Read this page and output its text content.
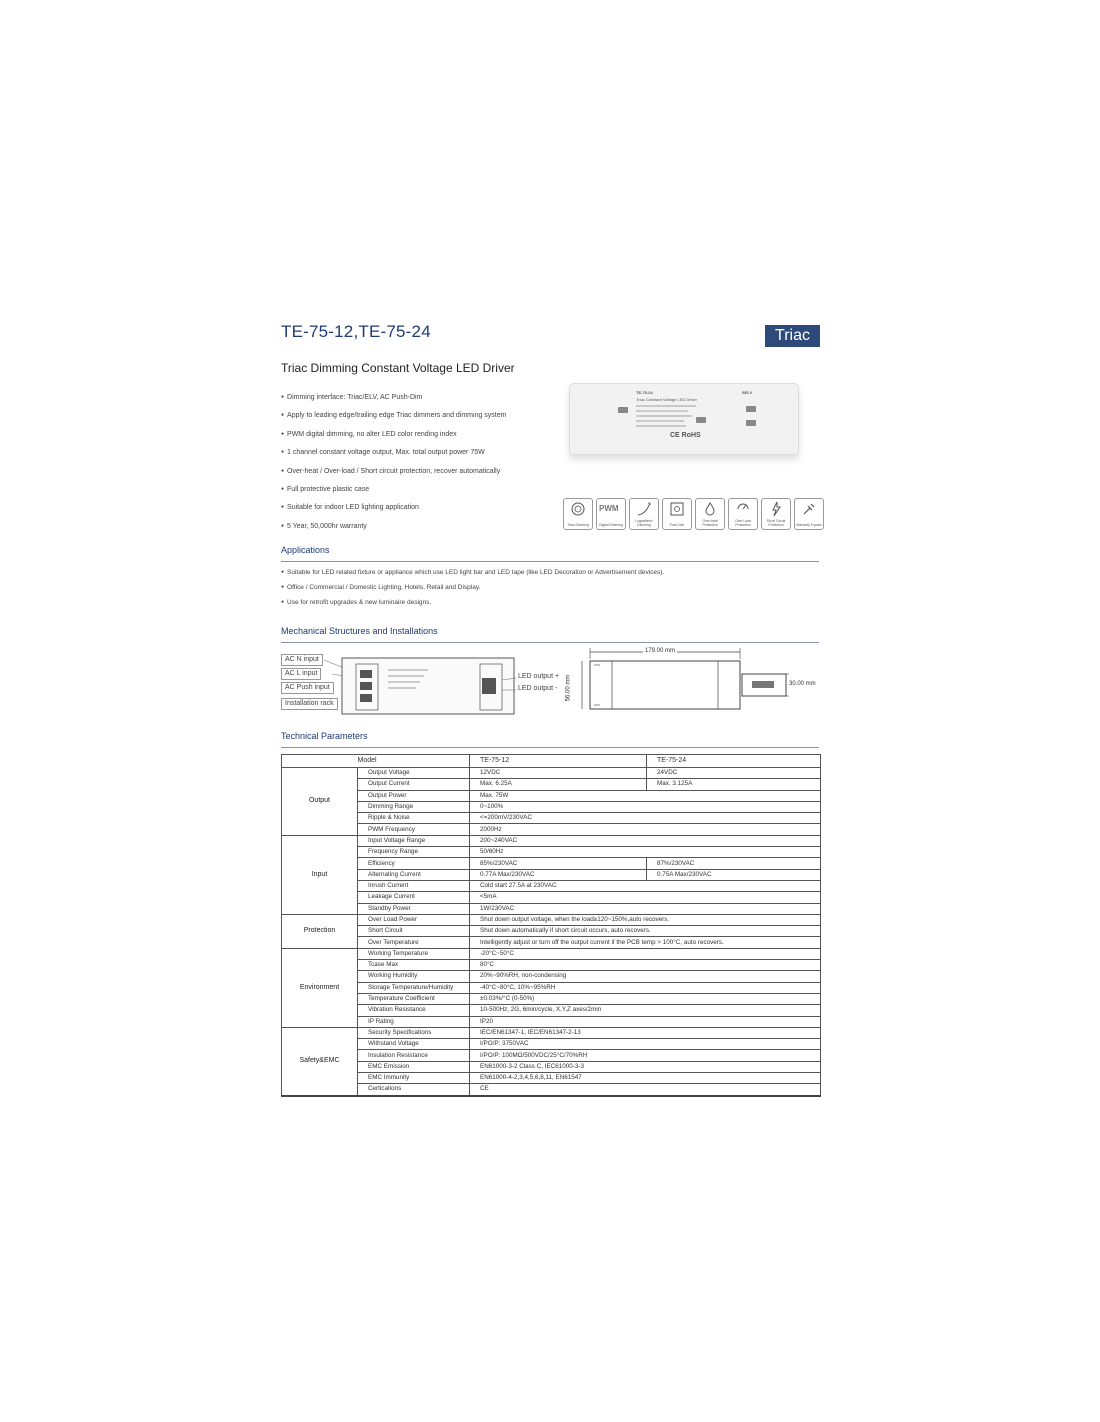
TE-75-12,TE-75-24	Triac
Triac Dimming Constant Voltage LED Driver
● Dimming interface: Triac/ELV, AC Push-Dim
● Apply to leading edge/trailing edge Triac dimmers and dimming system
● PWM digital dimming, no alter LED color rending index
● 1 channel constant voltage output, Max. total output power 75W
● Over-heat / Over-load / Short circuit protection, recover automatically
● Full protective plastic case
● Suitable for indoor LED lighting application
● 5 Year, 50,000hr warranty
TE-75-24
Triac Constant Voltage LED Driver
SELV
CE RoHS
Triac Dimming
PWM
Digital Dimming
Logarithmic Dimming	Push Dim
Over-heat Protection
Over Load Protection
Short Circuit Protection	Warranty 5 years
Applications
● Suitable for LED related fixture or appliance which use LED light bar and LED tape (like LED Decoration or Advertisement devices).
● Office / Commercial / Domestic Lighting, Hotels, Retail and Display.
● Use for retrofit upgrades & new luminaire designs.
Mechanical Structures and Installations
AC N input
AC L input
AC Push input
Installation rack
LED output +
LED output -
179.00 mm
56.00 mm	30.00 mm
Technical Parameters
	Model	TE-75-12	TE-75-24
Output	Output Voltage	12VDC	24VDC
	Output Current	Max. 6.25A	Max. 3.125A
	Output Power	Max. 75W	
	Dimming Range	0~100%	
	Ripple & Noise	<=200mV/230VAC	
	PWM Frequency	2000Hz	
Input	Input Voltage Range	200~240VAC	
	Frequency Range	50/60Hz	
	Efficiency	85%/230VAC	87%/230VAC
	Alternating Current	0.77A Max/230VAC	0.75A Max/230VAC
	Inrush Current	Cold start 27.5A at 230VAC	
	Leakage Current	<5mA	
	Standby Power	1W/230VAC	
Protection	Over Load Power	Shut down output voltage, when the load≥120~150%,auto recovers.	
	Short Circuit	Shut down automatically if short circuit occurs, auto recovers.	
	Over Temperature	Intelligently adjust or turn off the output current if the PCB temp > 100°C, auto recovers.	
Environment	Working Temperature	-20°C~50°C	
	Tcase Max	80°C	
	Working Humidity	20%~90%RH, non-condensing	
	Storage Temperature/Humidity	-40°C~80°C, 10%~95%RH	
	Temperature Coefficient	±0.03%/°C (0-50%)	
	Vibration Resistance	10-500Hz, 2G, 6min/cycle, X,Y,Z axes/2min	
	IP Rating	IP20	
Safety&EMC	Security Specifications	IEC/EN61347-1, IEC/EN61347-2-13	
	Withstand Voltage	I/PO/P: 3750VAC	
	Insulation Resistance	I/PO/P: 100MΩ/500VDC/25°C/70%RH	
	EMC Emission	EN61000-3-2 Class C, IEC61000-3-3	
	EMC Immunity	EN61000-4-2,3,4,5,6,8,11, EN61547	
	Certications	CE	
